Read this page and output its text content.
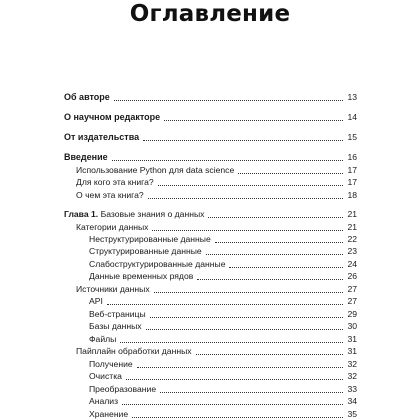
Оглавление
Об авторе	13
О научном редакторе	14
От издательства	15
Введение	16
Использование Python для data science	17
Для кого эта книга?	17
О чем эта книга?	18
Глава 1. Базовые знания о данных	21
Категории данных	21
Неструктурированные данные	22
Структурированные данные	23
Слабоструктурированные данные	24
Данные временных рядов	26
Источники данных	27
API	27
Веб-страницы	29
Базы данных	30
Файлы	31
Пайплайн обработки данных	31
Получение	32
Очистка	32
Преобразование	33
Анализ	34
Хранение	35
